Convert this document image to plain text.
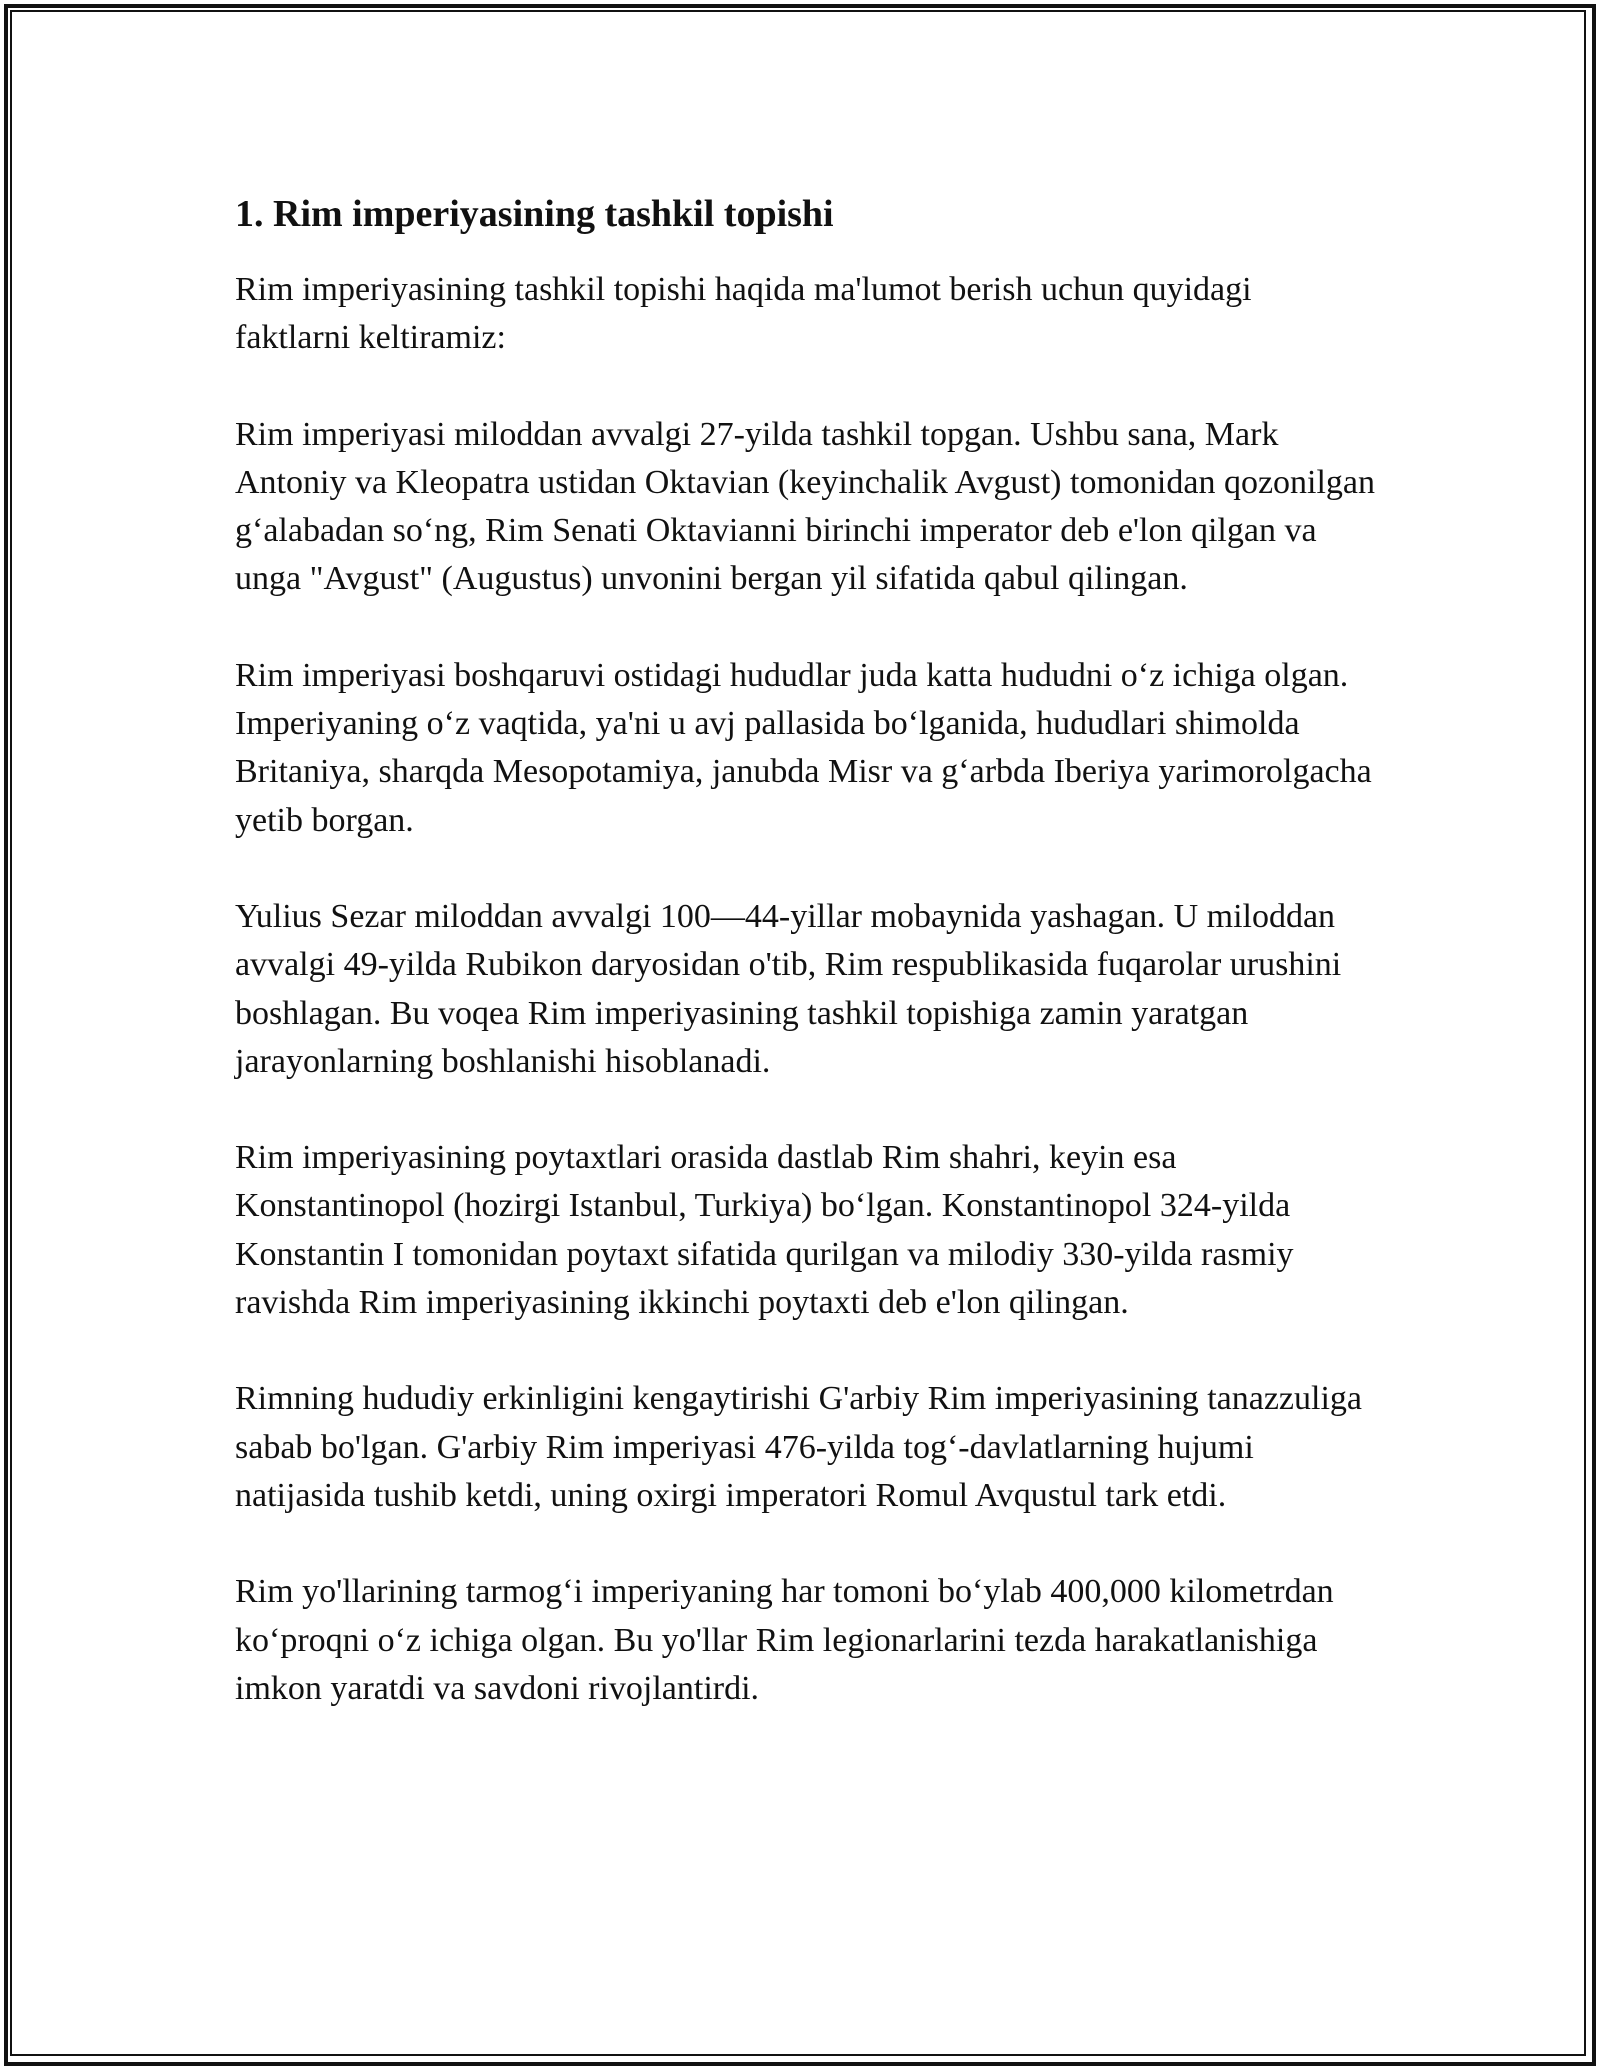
1. Rim imperiyasining tashkil topishi

Rim imperiyasining tashkil topishi haqida ma'lumot berish uchun quyidagi faktlarni keltiramiz:

Rim imperiyasi miloddan avvalgi 27-yilda tashkil topgan. Ushbu sana, Mark Antoniy va Kleopatra ustidan Oktavian (keyinchalik Avgust) tomonidan qozonilgan g‘alabadan so‘ng, Rim Senati Oktavianni birinchi imperator deb e'lon qilgan va unga "Avgust" (Augustus) unvonini bergan yil sifatida qabul qilingan.

Rim imperiyasi boshqaruvi ostidagi hududlar juda katta hududni o‘z ichiga olgan. Imperiyaning o‘z vaqtida, ya'ni u avj pallasida bo‘lganida, hududlari shimolda Britaniya, sharqda Mesopotamiya, janubda Misr va g‘arbda Iberiya yarimorolgacha yetib borgan.

Yulius Sezar miloddan avvalgi 100—44-yillar mobaynida yashagan. U miloddan avvalgi 49-yilda Rubikon daryosidan o'tib, Rim respublikasida fuqarolar urushini boshlagan. Bu voqea Rim imperiyasining tashkil topishiga zamin yaratgan jarayonlarning boshlanishi hisoblanadi.

Rim imperiyasining poytaxtlari orasida dastlab Rim shahri, keyin esa Konstantinopol (hozirgi Istanbul, Turkiya) bo‘lgan. Konstantinopol 324-yilda Konstantin I tomonidan poytaxt sifatida qurilgan va milodiy 330-yilda rasmiy ravishda Rim imperiyasining ikkinchi poytaxti deb e'lon qilingan.

Rimning hududiy erkinligini kengaytirishi G'arbiy Rim imperiyasining tanazzuliga sabab bo'lgan. G'arbiy Rim imperiyasi 476-yilda tog‘-davlatlarning hujumi natijasida tushib ketdi, uning oxirgi imperatori Romul Avqustul tark etdi.

Rim yo'llarining tarmog‘i imperiyaning har tomoni bo‘ylab 400,000 kilometrdan ko‘proqni o‘z ichiga olgan. Bu yo'llar Rim legionarlarini tezda harakatlanishiga imkon yaratdi va savdoni rivojlantirdi.
